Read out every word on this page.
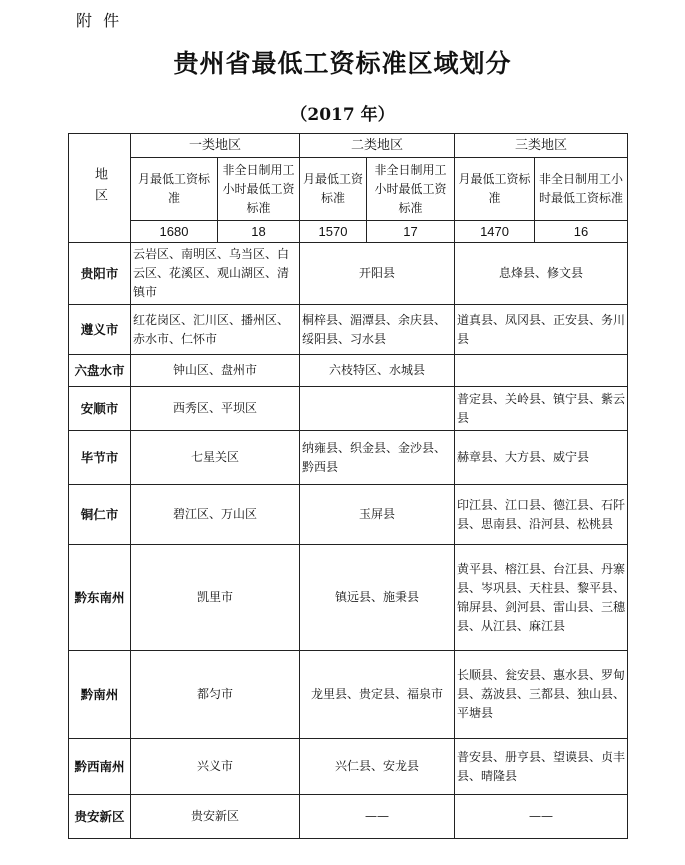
附 件
贵州省最低工资标准区域划分
（2017 年）
地区	一类地区		二类地区		三类地区	
	月最低工资标准	非全日制用工小时最低工资标准	月最低工资标准	非全日制用工小时最低工资标准	月最低工资标准	非全日制用工小时最低工资标准
	1680	18	1570	17	1470	16
贵阳市	云岩区、南明区、乌当区、白云区、花溪区、观山湖区、清镇市		开阳县		息烽县、修文县	
遵义市	红花岗区、汇川区、播州区、赤水市、仁怀市		桐梓县、湄潭县、余庆县、绥阳县、习水县		道真县、凤冈县、正安县、务川县	
六盘水市	钟山区、盘州市		六枝特区、水城县			
安顺市	西秀区、平坝区				普定县、关岭县、镇宁县、紫云县	
毕节市	七星关区		纳雍县、织金县、金沙县、黔西县		赫章县、大方县、威宁县	
铜仁市	碧江区、万山区		玉屏县		印江县、江口县、德江县、石阡县、思南县、沿河县、松桃县	
黔东南州	凯里市		镇远县、施秉县		黄平县、榕江县、台江县、丹寨县、岑巩县、天柱县、黎平县、锦屏县、剑河县、雷山县、三穗县、从江县、麻江县	
黔南州	都匀市		龙里县、贵定县、福泉市		长顺县、瓮安县、惠水县、罗甸县、荔波县、三都县、独山县、平塘县	
黔西南州	兴义市		兴仁县、安龙县		普安县、册亨县、望谟县、贞丰县、晴隆县	
贵安新区	贵安新区		——		——	
